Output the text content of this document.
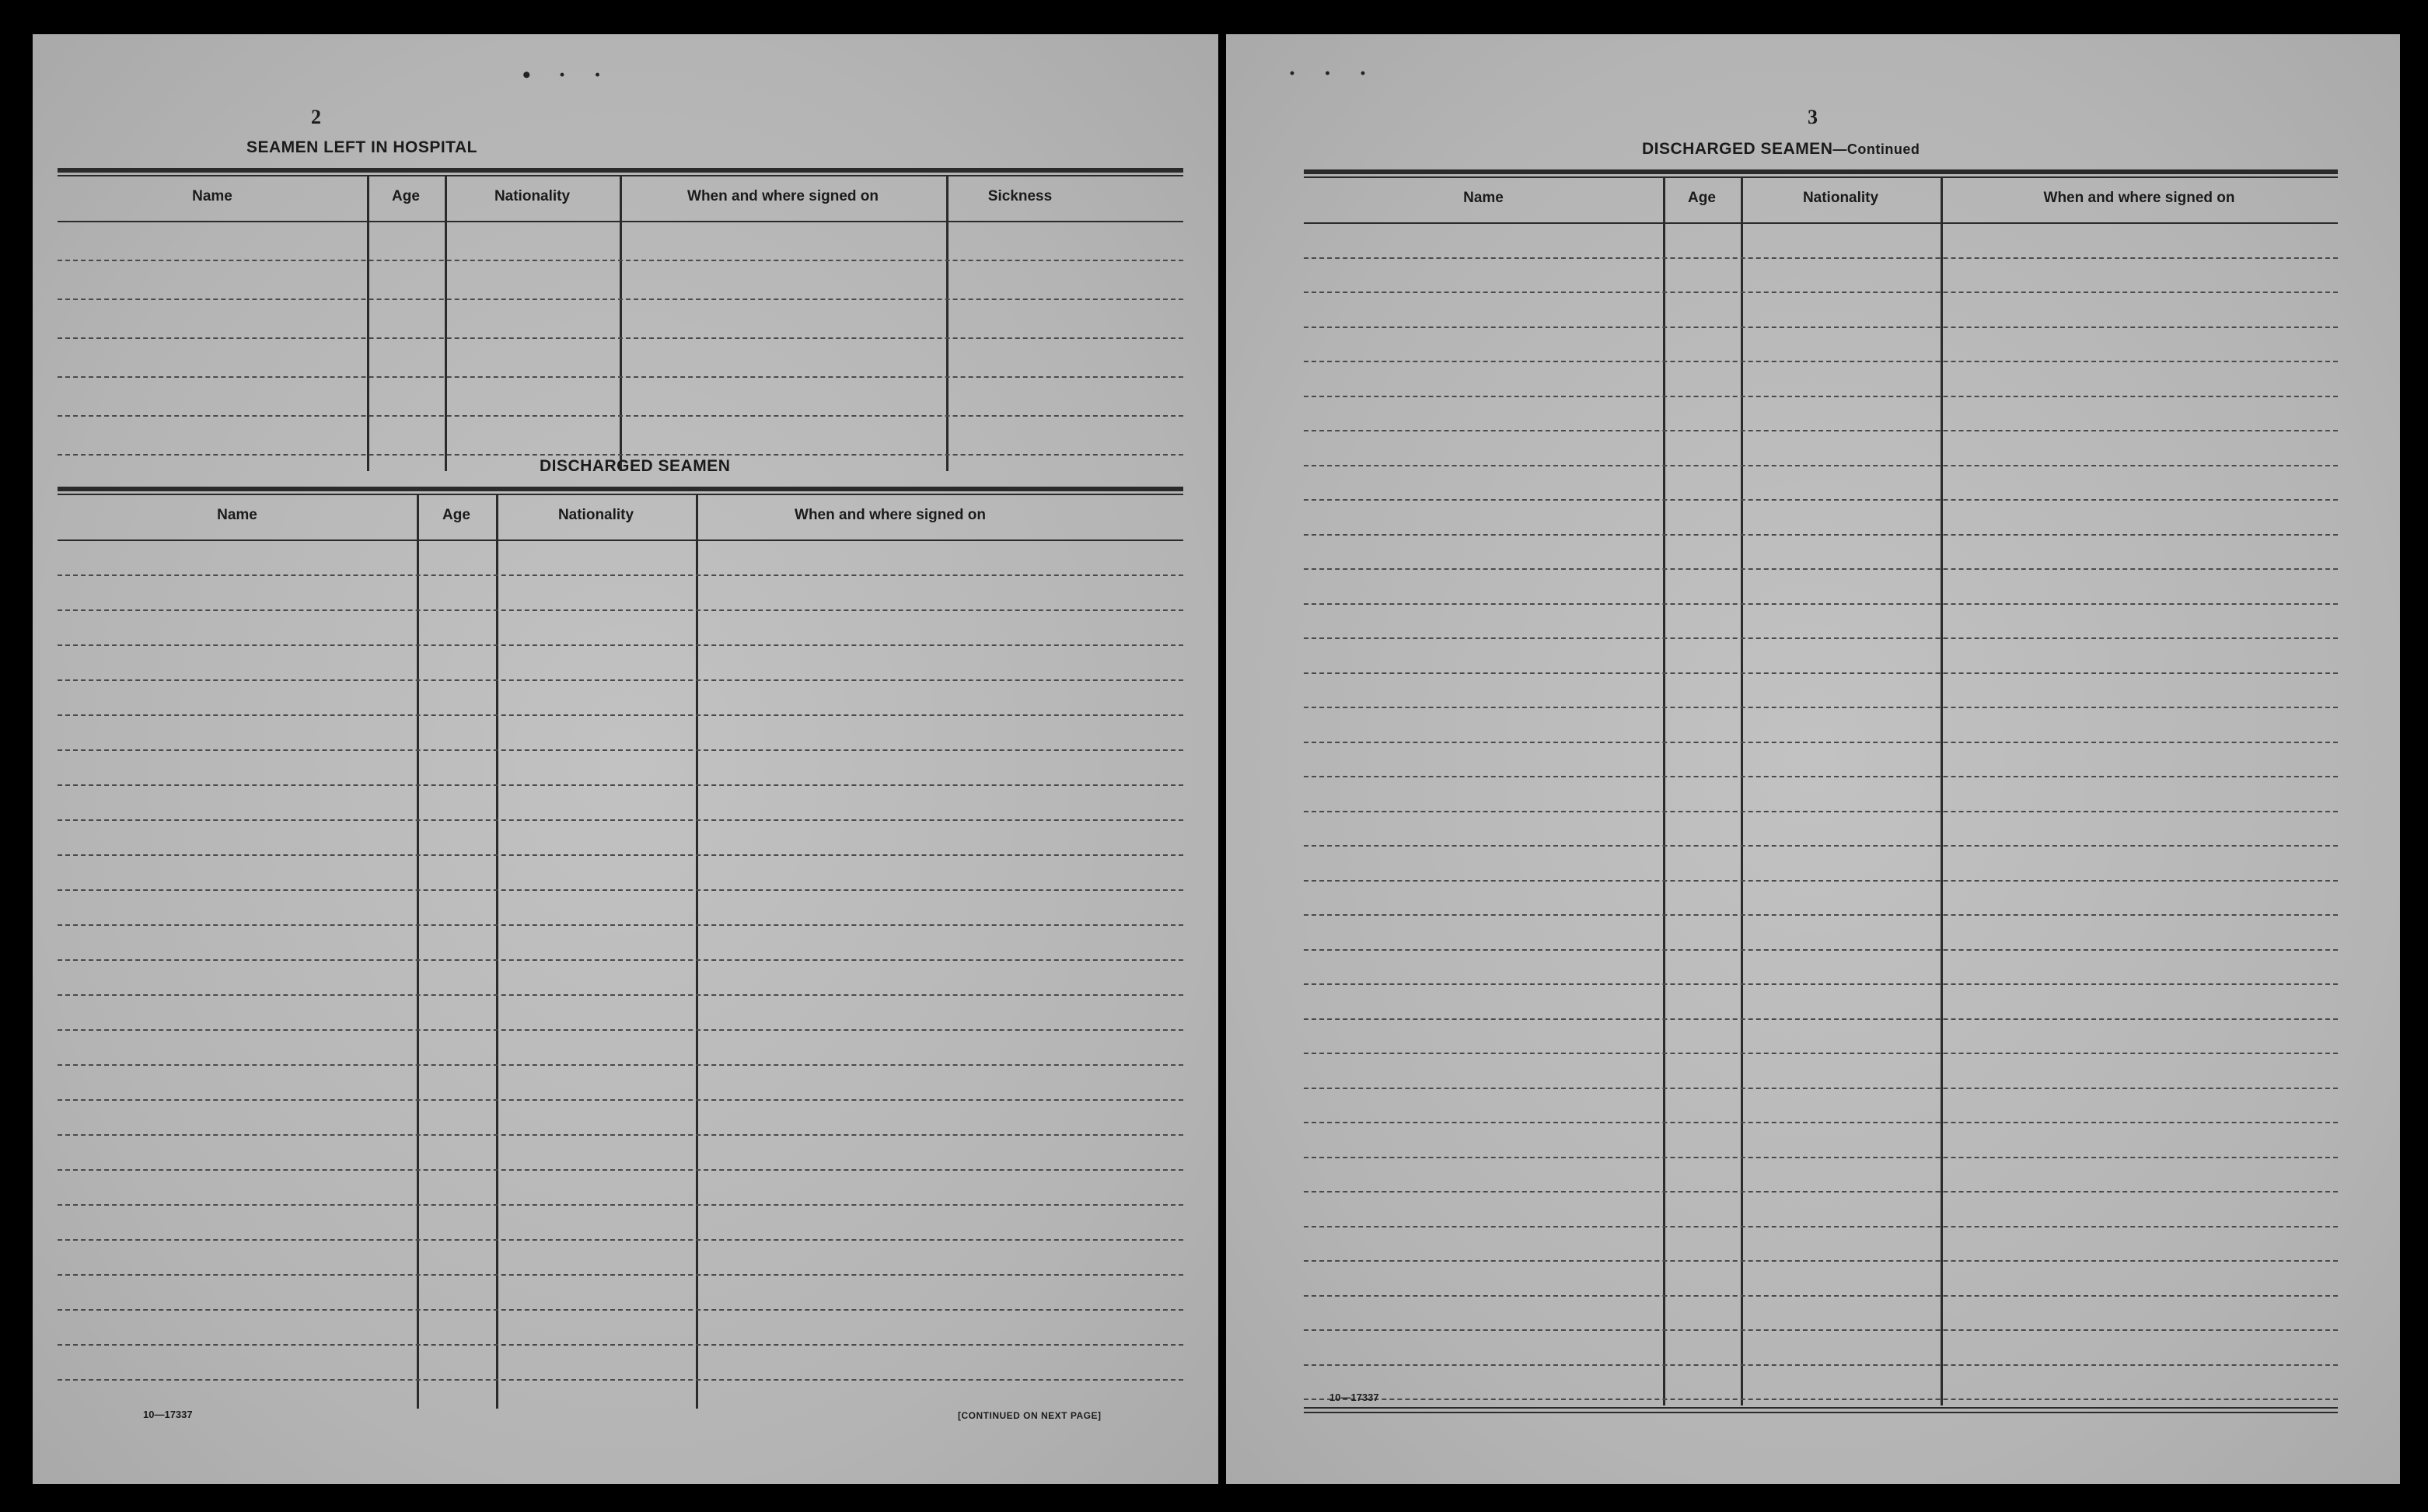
• · ·
2
SEAMEN LEFT IN HOSPITAL
Name	Age	Nationality	When and where signed on	Sickness
DISCHARGED SEAMEN
Name	Age	Nationality	When and where signed on
10—17337	[CONTINUED ON NEXT PAGE]
· · ·
3
DISCHARGED SEAMEN—Continued
Name	Age	Nationality	When and where signed on
10—17337
